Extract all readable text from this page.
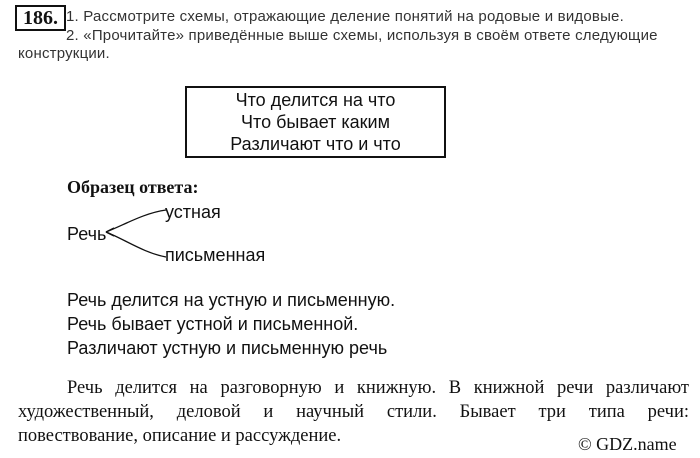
186. 1. Рассмотрите схемы, отражающие деление понятий на родовые и видовые.
2. «Прочитайте» приведённые выше схемы, используя в своём ответе следующие
конструкции.
Что делится на что
Что бывает каким
Различают что и что
Образец ответа:
Речь
устная
письменная
Речь делится на устную и письменную.
Речь бывает устной и письменной.
Различают устную и письменную речь
Речь делится на разговорную и книжную. В книжной речи различают
художественный, деловой и научный стили. Бывает три типа речи:
повествование, описание и рассуждение.	© GDZ.name
